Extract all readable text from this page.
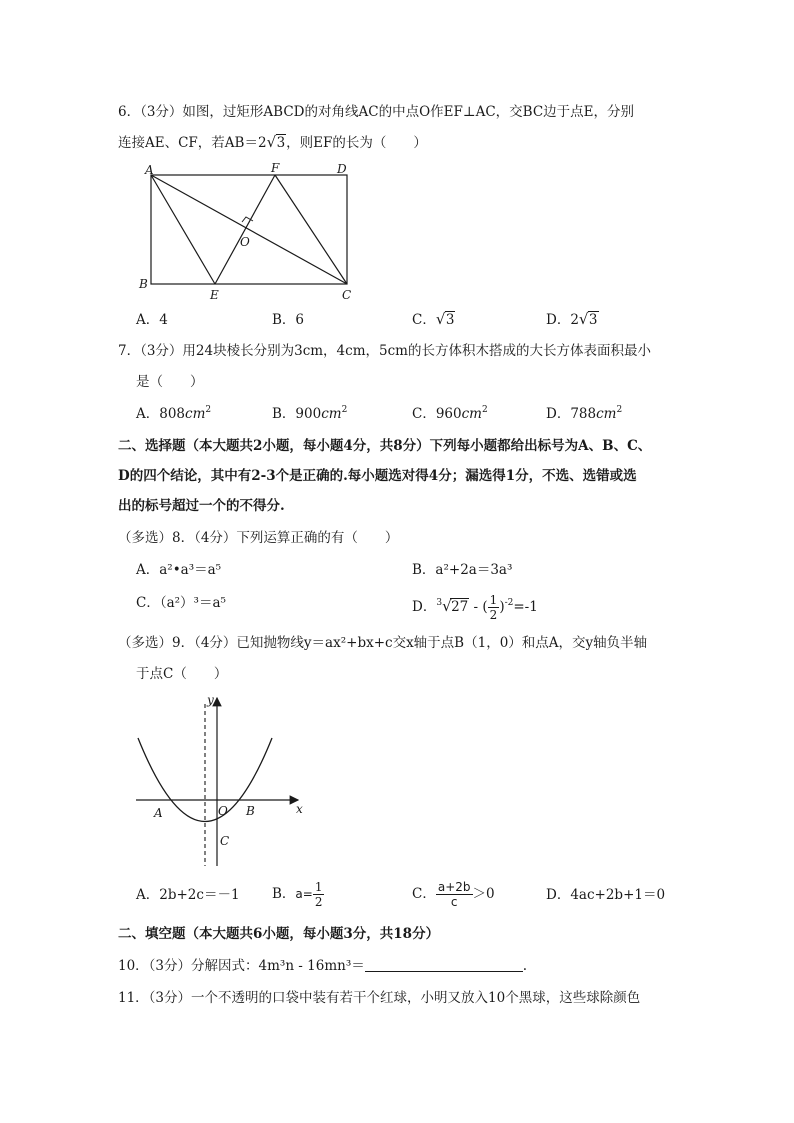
6．（3分）如图，过矩形ABCD的对角线AC的中点O作EF⊥AC，交BC边于点E，分别
连接AE、CF，若AB＝2 √ 3，则EF的长为（　　）
A	F	D
O
B
E	C
A．4	B．6	C． √ 3	D．2 √ 3
7．（3分）用24块棱长分别为3cm，4cm，5cm的长方体积木搭成的大长方体表面积最小
是（　　）
A．$808cm^2$	B．$900cm^2$	C．$960cm^2$	D．$788cm^2$
二、选择题（本大题共2小题，每小题4分，共8分）下列每小题都给出标号为A、B、C、
D的四个结论，其中有2-3个是正确的.每小题选对得4分；漏选得1分，不选、选错或选
出的标号超过一个的不得分.
（多选）8．（4分）下列运算正确的有（　　）
A．a²•a³＝a⁵	B．a²+2a＝3a³
C．（a²）³＝a⁵	D．$^3$ √ 27 - ( $\frac{1}{2} )^{-2}=-1$
（多选）9．（4分）已知抛物线y＝ax²+bx+c交x轴于点B（1，0）和点A，交y轴负半轴
于点C（　　）
y
x
O
A	B
C
A．2b+2c＝－1 B．$a= \frac{1}{2}$	C． $\frac{a+2b}{c} >0$	D．4ac+2b+1＝0
二、填空题（本大题共6小题，每小题3分，共18分）
10．（3分）分解因式：4m³n - 16mn³＝	.
11．（3分）一个不透明的口袋中装有若干个红球，小明又放入10个黑球，这些球除颜色
